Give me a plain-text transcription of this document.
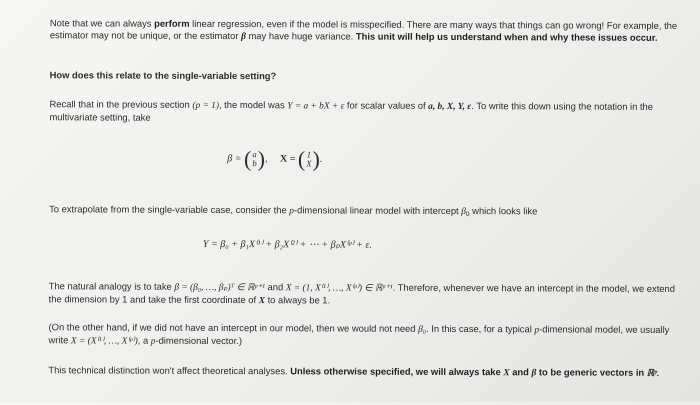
Note that we can always perform linear regression, even if the model is misspecified. There are many ways that things can go wrong! For example, the estimator may not be unique, or the estimator β may have huge variance. This unit will help us understand when and why these issues occur.
How does this relate to the single-variable setting?
Recall that in the previous section (p = 1), the model was Y = a + bX + ε for scalar values of a, b, X, Y, ε. To write this down using the notation in the multivariate setting, take
β = (a
b), X = (1
X).
To extrapolate from the single-variable case, consider the p-dimensional linear model with intercept $\beta_0$ which looks like
Y = β₀ + β₁X⁽¹⁾ + β₂X⁽²⁾ + ⋯ + βₚX⁽ᵖ⁾ + ε.
The natural analogy is to take β = (β₀, …, βₚ)ᵀ ∈ ℝᵖ⁺¹ and X = (1, X⁽¹⁾, …, X⁽ᵖ⁾) ∈ ℝᵖ⁺¹. Therefore, whenever we have an intercept in the model, we extend the dimension by 1 and take the first coordinate of X to always be 1.
(On the other hand, if we did not have an intercept in our model, then we would not need β₀. In this case, for a typical p-dimensional model, we usually write X = (X⁽¹⁾, …, X⁽ᵖ⁾), a p-dimensional vector.)
This technical distinction won't affect theoretical analyses. Unless otherwise specified, we will always take X and β to be generic vectors in ℝᵖ.
